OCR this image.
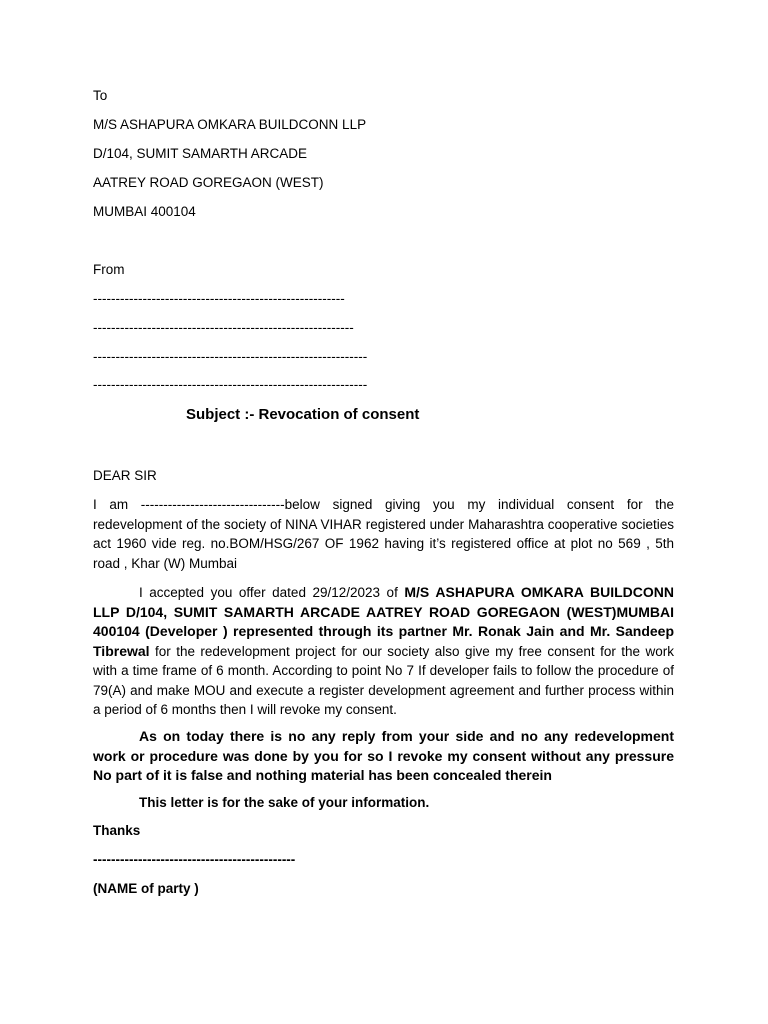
To
M/S ASHAPURA OMKARA BUILDCONN LLP
D/104, SUMIT SAMARTH ARCADE
AATREY ROAD GOREGAON (WEST)
MUMBAI 400104
From
--------------------------------------------------------
----------------------------------------------------------
-------------------------------------------------------------
-------------------------------------------------------------
Subject :- Revocation of consent
DEAR SIR

I am --------------------------------below signed giving you my individual consent for the redevelopment of the society of NINA VIHAR registered under Maharashtra cooperative societies act 1960 vide reg. no.BOM/HSG/267 OF 1962 having it’s registered office at plot no 569 , 5th road , Khar (W) Mumbai

I accepted you offer dated 29/12/2023 of M/S ASHAPURA OMKARA BUILDCONN LLP D/104, SUMIT SAMARTH ARCADE AATREY ROAD GOREGAON (WEST)MUMBAI 400104 (Developer ) represented through its partner Mr. Ronak Jain and Mr. Sandeep Tibrewal for the redevelopment project for our society also give my free consent for the work with a time frame of 6 month. According to point No 7 If developer fails to follow the procedure of 79(A) and make MOU and execute a register development agreement and further process within a period of 6 months then I will revoke my consent.

As on today there is no any reply from your side and no any redevelopment work or procedure was done by you for so I revoke my consent without any pressure No part of it is false and nothing material has been concealed therein

This letter is for the sake of your information.

Thanks
---------------------------------------------
(NAME of party )
